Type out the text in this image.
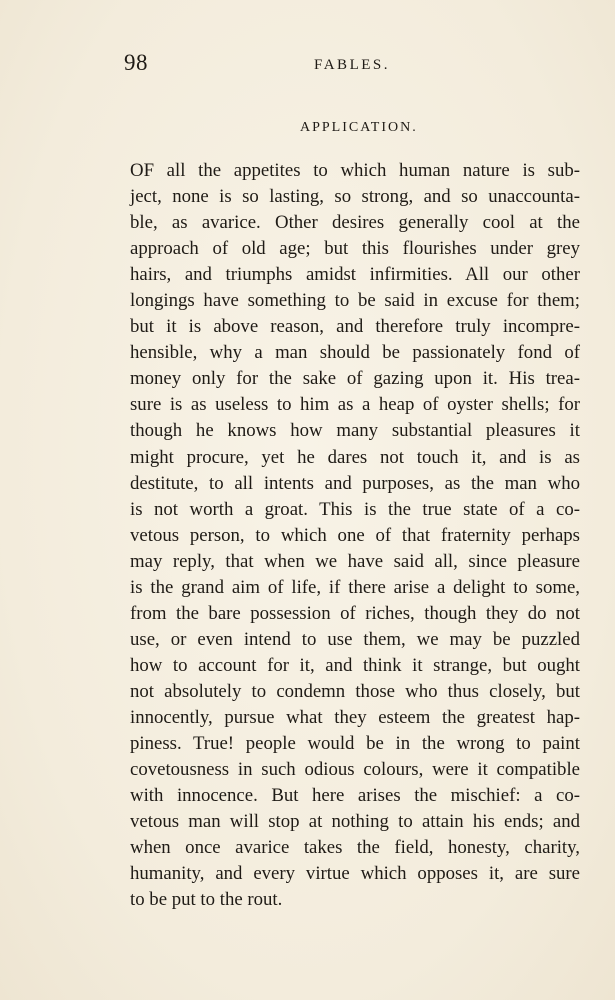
98	FABLES.
APPLICATION.
OF all the appetites to which human nature is sub-
ject, none is so lasting, so strong, and so unaccounta-
ble, as avarice. Other desires generally cool at the
approach of old age; but this flourishes under grey
hairs, and triumphs amidst infirmities. All our other
longings have something to be said in excuse for them;
but it is above reason, and therefore truly incompre-
hensible, why a man should be passionately fond of
money only for the sake of gazing upon it. His trea-
sure is as useless to him as a heap of oyster shells; for
though he knows how many substantial pleasures it
might procure, yet he dares not touch it, and is as
destitute, to all intents and purposes, as the man who
is not worth a groat. This is the true state of a co-
vetous person, to which one of that fraternity perhaps
may reply, that when we have said all, since pleasure
is the grand aim of life, if there arise a delight to some,
from the bare possession of riches, though they do not
use, or even intend to use them, we may be puzzled
how to account for it, and think it strange, but ought
not absolutely to condemn those who thus closely, but
innocently, pursue what they esteem the greatest hap-
piness. True! people would be in the wrong to paint
covetousness in such odious colours, were it compatible
with innocence. But here arises the mischief: a co-
vetous man will stop at nothing to attain his ends; and
when once avarice takes the field, honesty, charity,
humanity, and every virtue which opposes it, are sure
to be put to the rout.
